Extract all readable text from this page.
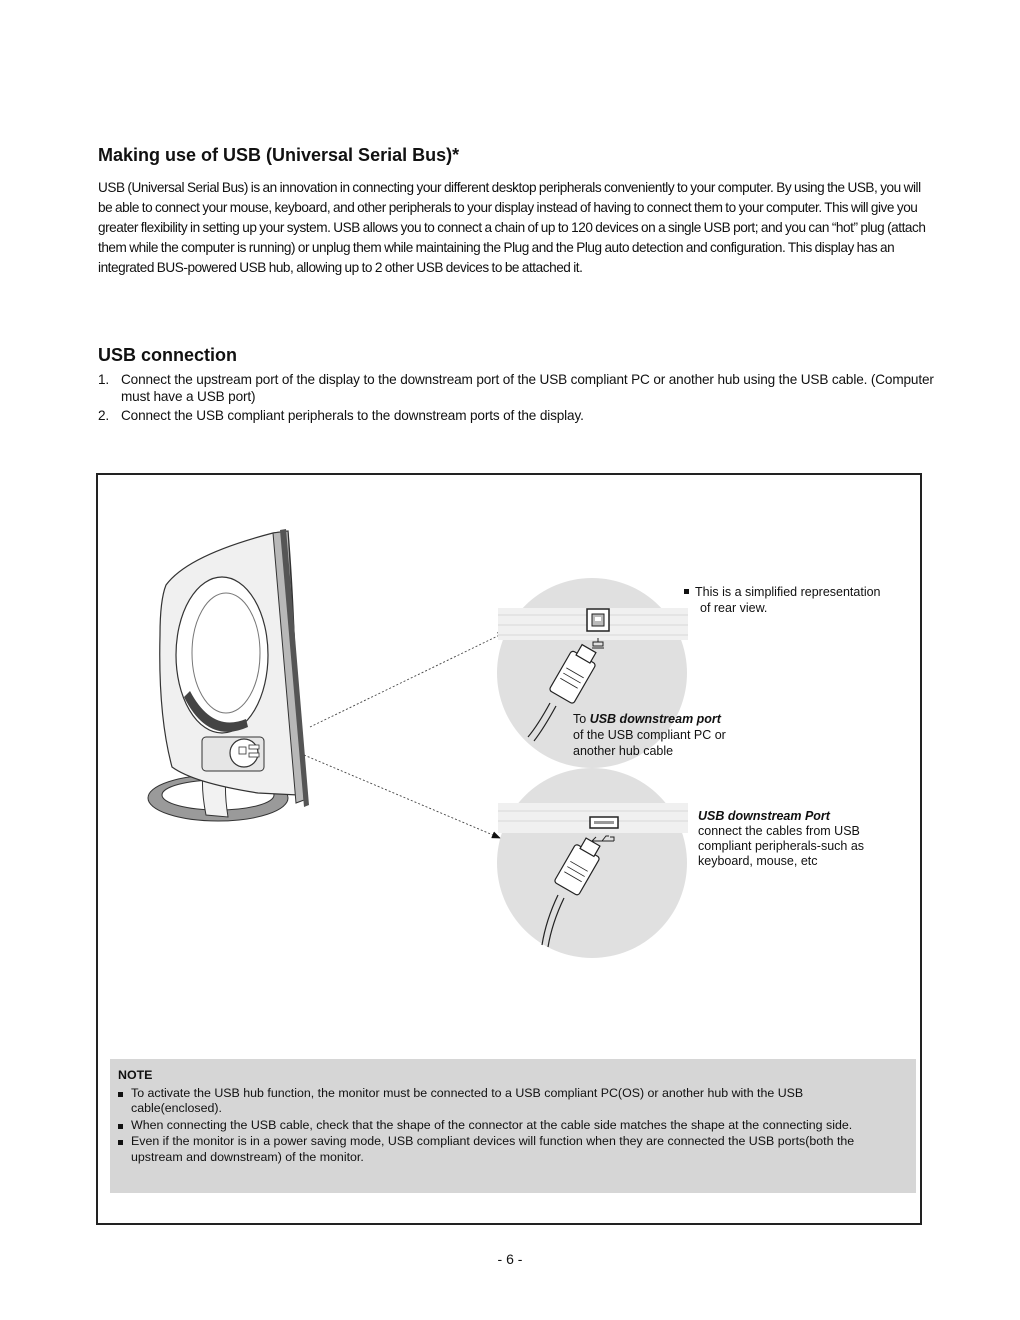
Making use of USB (Universal Serial Bus)*

USB (Universal Serial Bus) is an innovation in connecting your different desktop peripherals conveniently to your computer. By using the USB, you will be able to connect your mouse, keyboard, and other peripherals to your display instead of having to connect them to your computer. This will give you greater flexibility in setting up your system. USB allows you to connect a chain of up to 120 devices on a single USB port; and you can “hot” plug (attach them while the computer is running) or unplug them while maintaining the Plug and the Plug auto detection and configuration. This display has an integrated BUS-powered USB hub, allowing up to 2 other USB devices to be attached it.

USB connection
1. Connect the upstream port of the display to the downstream port of the USB compliant PC or another hub using the USB cable. (Computer must have a USB port)
2. Connect the USB compliant peripherals to the downstream ports of the display.
This is a simplified representation
of rear view.
To USB downstream port
of the USB compliant PC or
another hub cable
USB downstream Port
connect the cables from USB
compliant peripherals-such as
keyboard, mouse, etc
NOTE
To activate the USB hub function, the monitor must be connected to a USB compliant PC(OS) or another hub with the USB cable(enclosed).
When connecting the USB cable, check that the shape of the connector at the cable side matches the shape at the connecting side.
Even if the monitor is in a power saving mode, USB compliant devices will function when they are connected the USB ports(both the upstream and downstream) of the monitor.
- 6 -
